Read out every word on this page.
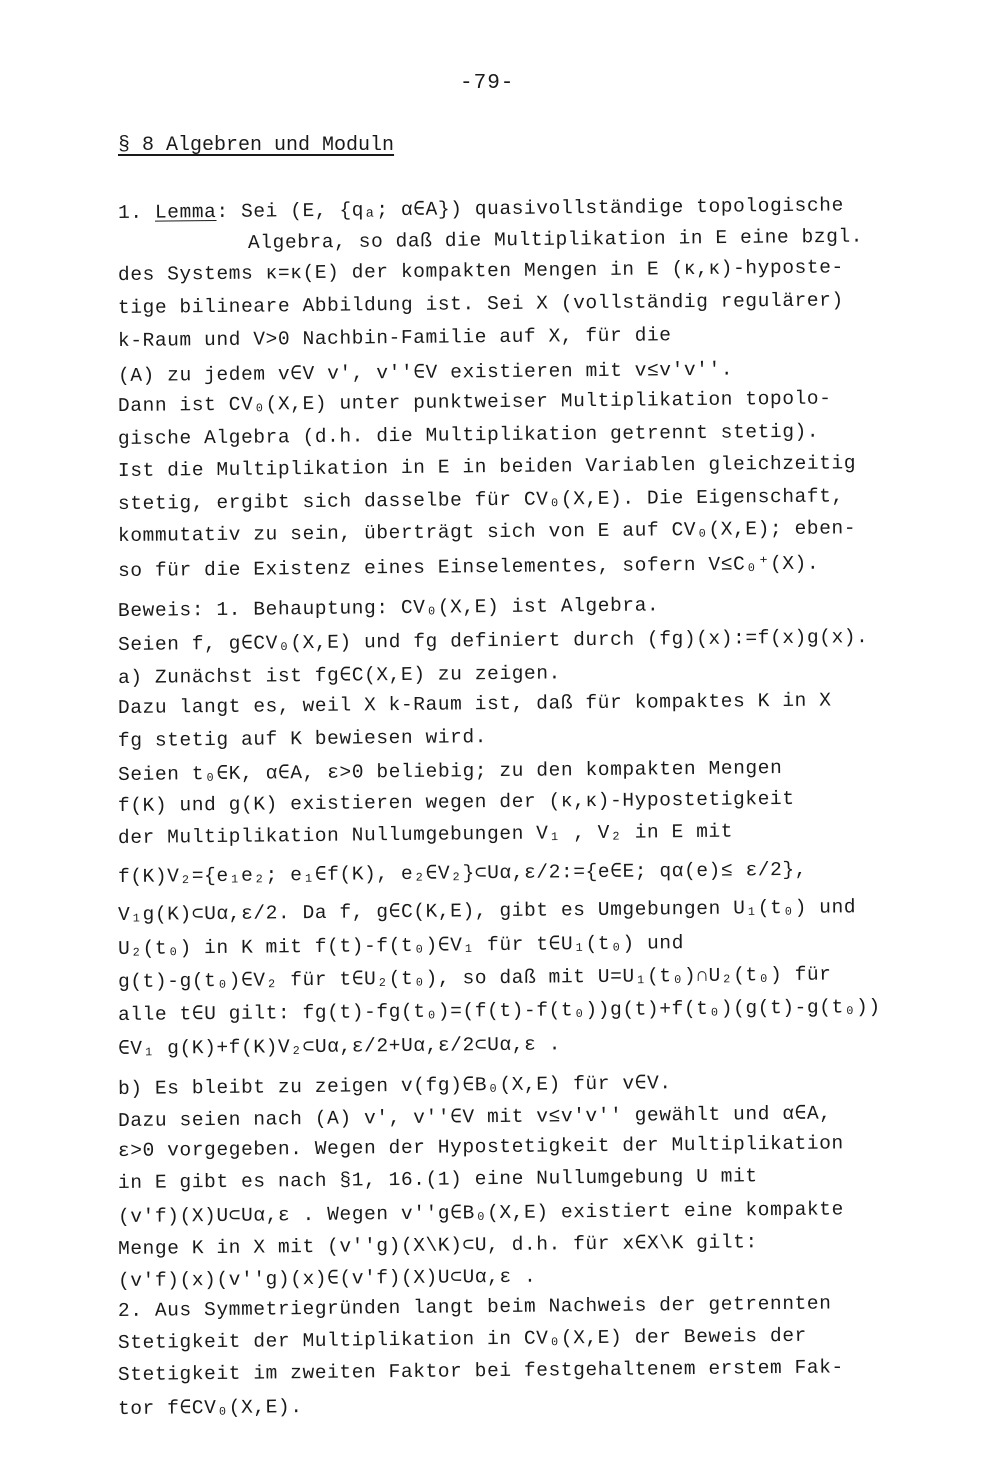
-79-
§ 8 Algebren und Moduln
1. Lemma: Sei (E, {qₐ; α∈A}) quasivollständige topologische
Algebra, so daß die Multiplikation in E eine bzgl.
des Systems κ=κ(E) der kompakten Mengen in E (κ,κ)-hyposte-
tige bilineare Abbildung ist. Sei X (vollständig regulärer)
k-Raum und V>0 Nachbin-Familie auf X, für die
(A) zu jedem v∈V v', v''∈V existieren mit v≤v'v''.
Dann ist CV₀(X,E) unter punktweiser Multiplikation topolo-
gische Algebra (d.h. die Multiplikation getrennt stetig).
Ist die Multiplikation in E in beiden Variablen gleichzeitig
stetig, ergibt sich dasselbe für CV₀(X,E). Die Eigenschaft,
kommutativ zu sein, überträgt sich von E auf CV₀(X,E); eben-
so für die Existenz eines Einselementes, sofern V≤C₀⁺(X).
Beweis: 1. Behauptung: CV₀(X,E) ist Algebra.
Seien f, g∈CV₀(X,E) und fg definiert durch (fg)(x):=f(x)g(x).
a) Zunächst ist fg∈C(X,E) zu zeigen.
Dazu langt es, weil X k-Raum ist, daß für kompaktes K in X
fg stetig auf K bewiesen wird.
Seien t₀∈K, α∈A, ε>0 beliebig; zu den kompakten Mengen
f(K) und g(K) existieren wegen der (κ,κ)-Hypostetigkeit
der Multiplikation Nullumgebungen V₁ , V₂ in E mit
f(K)V₂={e₁e₂; e₁∈f(K), e₂∈V₂}⊂Uα,ε/2:={e∈E; qα(e)≤ ε/2},
V₁g(K)⊂Uα,ε/2. Da f, g∈C(K,E), gibt es Umgebungen U₁(t₀) und
U₂(t₀) in K mit f(t)-f(t₀)∈V₁ für t∈U₁(t₀) und
g(t)-g(t₀)∈V₂ für t∈U₂(t₀), so daß mit U=U₁(t₀)∩U₂(t₀) für
alle t∈U gilt: fg(t)-fg(t₀)=(f(t)-f(t₀))g(t)+f(t₀)(g(t)-g(t₀))
∈V₁ g(K)+f(K)V₂⊂Uα,ε/2+Uα,ε/2⊂Uα,ε .
b) Es bleibt zu zeigen v(fg)∈B₀(X,E) für v∈V.
Dazu seien nach (A) v', v''∈V mit v≤v'v'' gewählt und α∈A,
ε>0 vorgegeben. Wegen der Hypostetigkeit der Multiplikation
in E gibt es nach §1, 16.(1) eine Nullumgebung U mit
(v'f)(X)U⊂Uα,ε . Wegen v''g∈B₀(X,E) existiert eine kompakte
Menge K in X mit (v''g)(X\K)⊂U, d.h. für x∈X\K gilt:
(v'f)(x)(v''g)(x)∈(v'f)(X)U⊂Uα,ε .
2. Aus Symmetriegründen langt beim Nachweis der getrennten
Stetigkeit der Multiplikation in CV₀(X,E) der Beweis der
Stetigkeit im zweiten Faktor bei festgehaltenem erstem Fak-
tor f∈CV₀(X,E).
